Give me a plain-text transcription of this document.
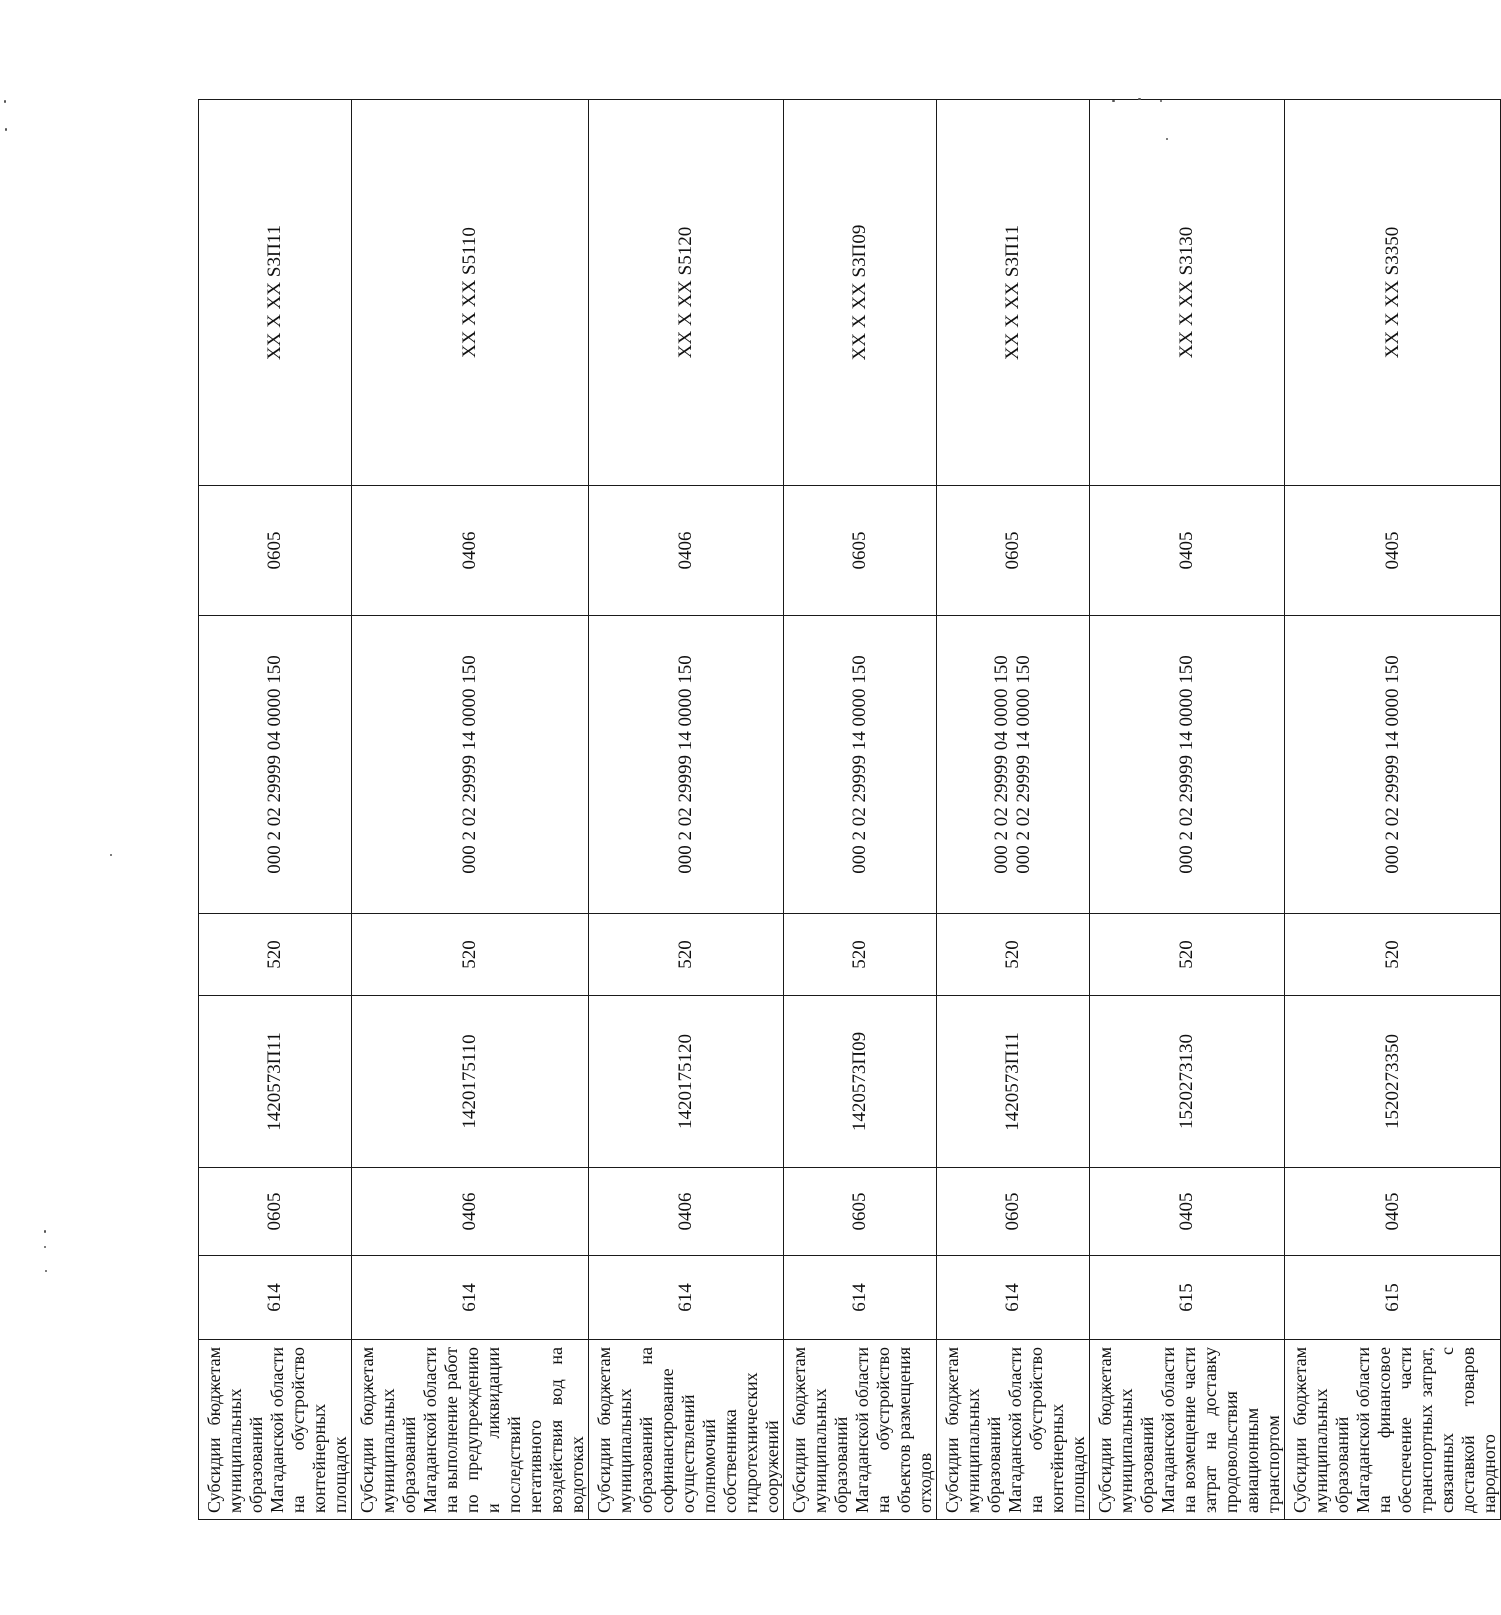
Субсидии бюджетам муниципальных образований Магаданской области на обустройство контейнерных площадок	614	0605	1420573П11	520	000 2 02 29999 04 0000 150	0605	XX X XX S3П11
Субсидии бюджетам муниципальных образований Магаданской области на выполнение работ по предупреждению и ликвидации последствий негативного воздействия вод на водотоках	614	0406	1420175110	520	000 2 02 29999 14 0000 150	0406	XX X XX S5110
Субсидии бюджетам муниципальных образований на софинансирование осуществлений полномочий собственника гидротехнических сооружений	614	0406	1420175120	520	000 2 02 29999 14 0000 150	0406	XX X XX S5120
Субсидии бюджетам муниципальных образований Магаданской области на обустройство объектов размещения отходов	614	0605	1420573П09	520	000 2 02 29999 14 0000 150	0605	XX X XX S3П09
Субсидии бюджетам муниципальных образований Магаданской области на обустройство контейнерных площадок	614	0605	1420573П11	520	000 2 02 29999 04 0000 150 000 2 02 29999 14 0000 150	0605	XX X XX S3П11
Субсидии бюджетам муниципальных образований Магаданской области на возмещение части затрат на доставку продовольствия авиационным транспортом	615	0405	1520273130	520	000 2 02 29999 14 0000 150	0405	XX X XX S3130
Субсидии бюджетам муниципальных образований Магаданской области на финансовое обеспечение части транспортных затрат, связанных с доставкой товаров народного	615	0405	1520273350	520	000 2 02 29999 14 0000 150	0405	XX X XX S3350
